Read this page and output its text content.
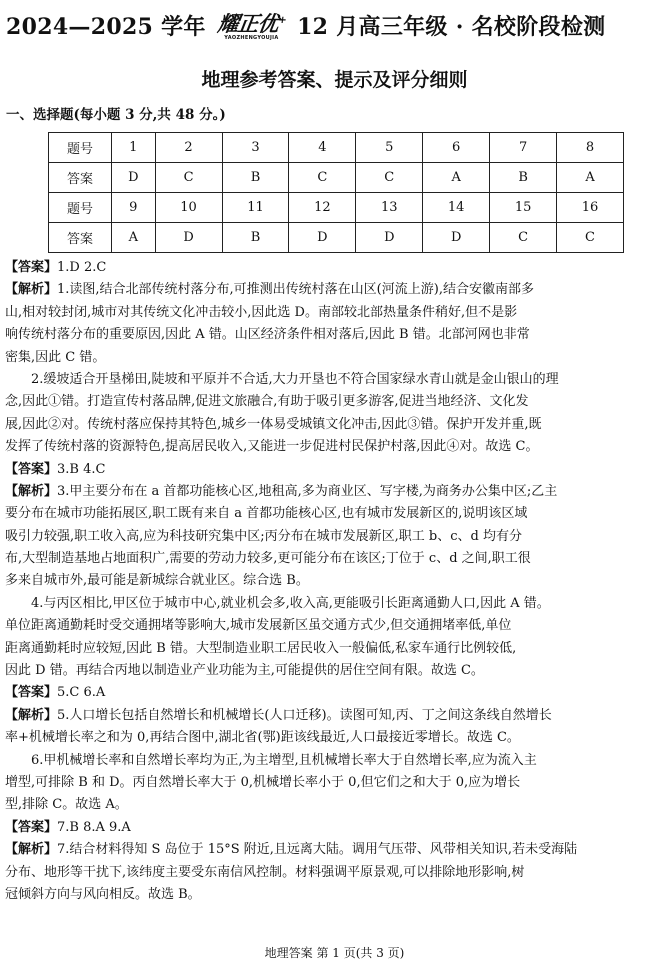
2024—2025 学年 耀正优+
YAOZHENGYOUJIA 12 月高三年级 · 名校阶段检测
地理参考答案、提示及评分细则
一、选择题(每小题 3 分,共 48 分。)
题号	1	2	3	4	5	6	7	8
答案	D	C	B	C	C	A	B	A
题号	9	10	11	12	13	14	15	16
答案	A	D	B	D	D	D	C	C
【答案】1.D 2.C
【解析】1.读图,结合北部传统村落分布,可推测出传统村落在山区(河流上游),结合安徽南部多
山,相对较封闭,城市对其传统文化冲击较小,因此选 D。南部较北部热量条件稍好,但不是影
响传统村落分布的重要原因,因此 A 错。山区经济条件相对落后,因此 B 错。北部河网也非常
密集,因此 C 错。
2.缓坡适合开垦梯田,陡坡和平原并不合适,大力开垦也不符合国家绿水青山就是金山银山的理
念,因此①错。打造宣传村落品牌,促进文旅融合,有助于吸引更多游客,促进当地经济、文化发
展,因此②对。传统村落应保持其特色,城乡一体易受城镇文化冲击,因此③错。保护开发并重,既
发挥了传统村落的资源特色,提高居民收入,又能进一步促进村民保护村落,因此④对。故选 C。
【答案】3.B 4.C
【解析】3.甲主要分布在 a 首都功能核心区,地租高,多为商业区、写字楼,为商务办公集中区;乙主
要分布在城市功能拓展区,职工既有来自 a 首都功能核心区,也有城市发展新区的,说明该区域
吸引力较强,职工收入高,应为科技研究集中区;丙分布在城市发展新区,职工 b、c、d 均有分
布,大型制造基地占地面积广,需要的劳动力较多,更可能分布在该区;丁位于 c、d 之间,职工很
多来自城市外,最可能是新城综合就业区。综合选 B。
4.与丙区相比,甲区位于城市中心,就业机会多,收入高,更能吸引长距离通勤人口,因此 A 错。
单位距离通勤耗时受交通拥堵等影响大,城市发展新区虽交通方式少,但交通拥堵率低,单位
距离通勤耗时应较短,因此 B 错。大型制造业职工居民收入一般偏低,私家车通行比例较低,
因此 D 错。再结合丙地以制造业产业功能为主,可能提供的居住空间有限。故选 C。
【答案】5.C 6.A
【解析】5.人口增长包括自然增长和机械增长(人口迁移)。读图可知,丙、丁之间这条线自然增长
率+机械增长率之和为 0,再结合图中,湖北省(鄂)距该线最近,人口最接近零增长。故选 C。
6.甲机械增长率和自然增长率均为正,为主增型,且机械增长率大于自然增长率,应为流入主
增型,可排除 B 和 D。丙自然增长率大于 0,机械增长率小于 0,但它们之和大于 0,应为增长
型,排除 C。故选 A。
【答案】7.B 8.A 9.A
【解析】7.结合材料得知 S 岛位于 15°S 附近,且远离大陆。调用气压带、风带相关知识,若未受海陆
分布、地形等干扰下,该纬度主要受东南信风控制。材料强调平原景观,可以排除地形影响,树
冠倾斜方向与风向相反。故选 B。
地理答案 第 1 页(共 3 页)
